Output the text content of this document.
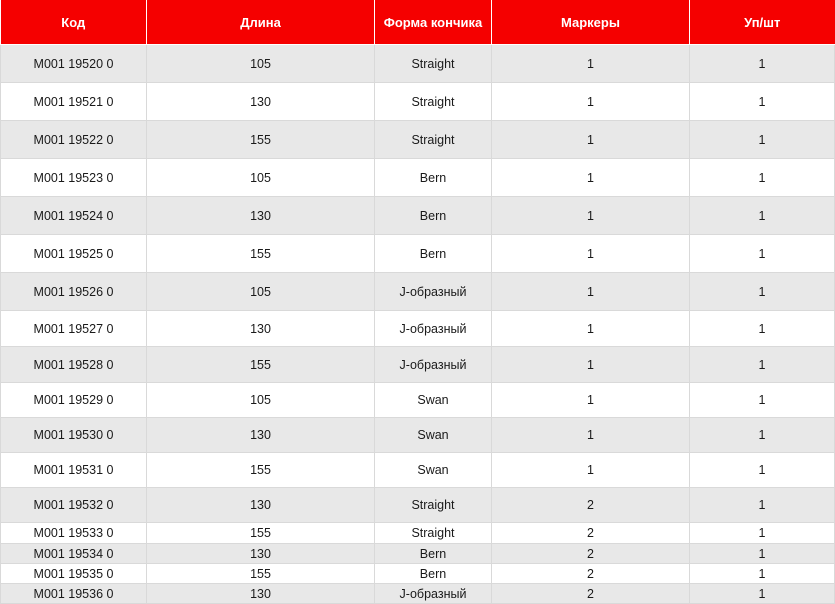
Код	Длина	Форма кончика	Маркеры	Уп/шт
M001 19520 0	105	Straight	1	1
M001 19521 0	130	Straight	1	1
M001 19522 0	155	Straight	1	1
M001 19523 0	105	Bern	1	1
M001 19524 0	130	Bern	1	1
M001 19525 0	155	Bern	1	1
M001 19526 0	105	J-образный	1	1
M001 19527 0	130	J-образный	1	1
M001 19528 0	155	J-образный	1	1
M001 19529 0	105	Swan	1	1
M001 19530 0	130	Swan	1	1
M001 19531 0	155	Swan	1	1
M001 19532 0	130	Straight	2	1
M001 19533 0	155	Straight	2	1
M001 19534 0	130	Bern	2	1
M001 19535 0	155	Bern	2	1
M001 19536 0	130	J-образный	2	1
